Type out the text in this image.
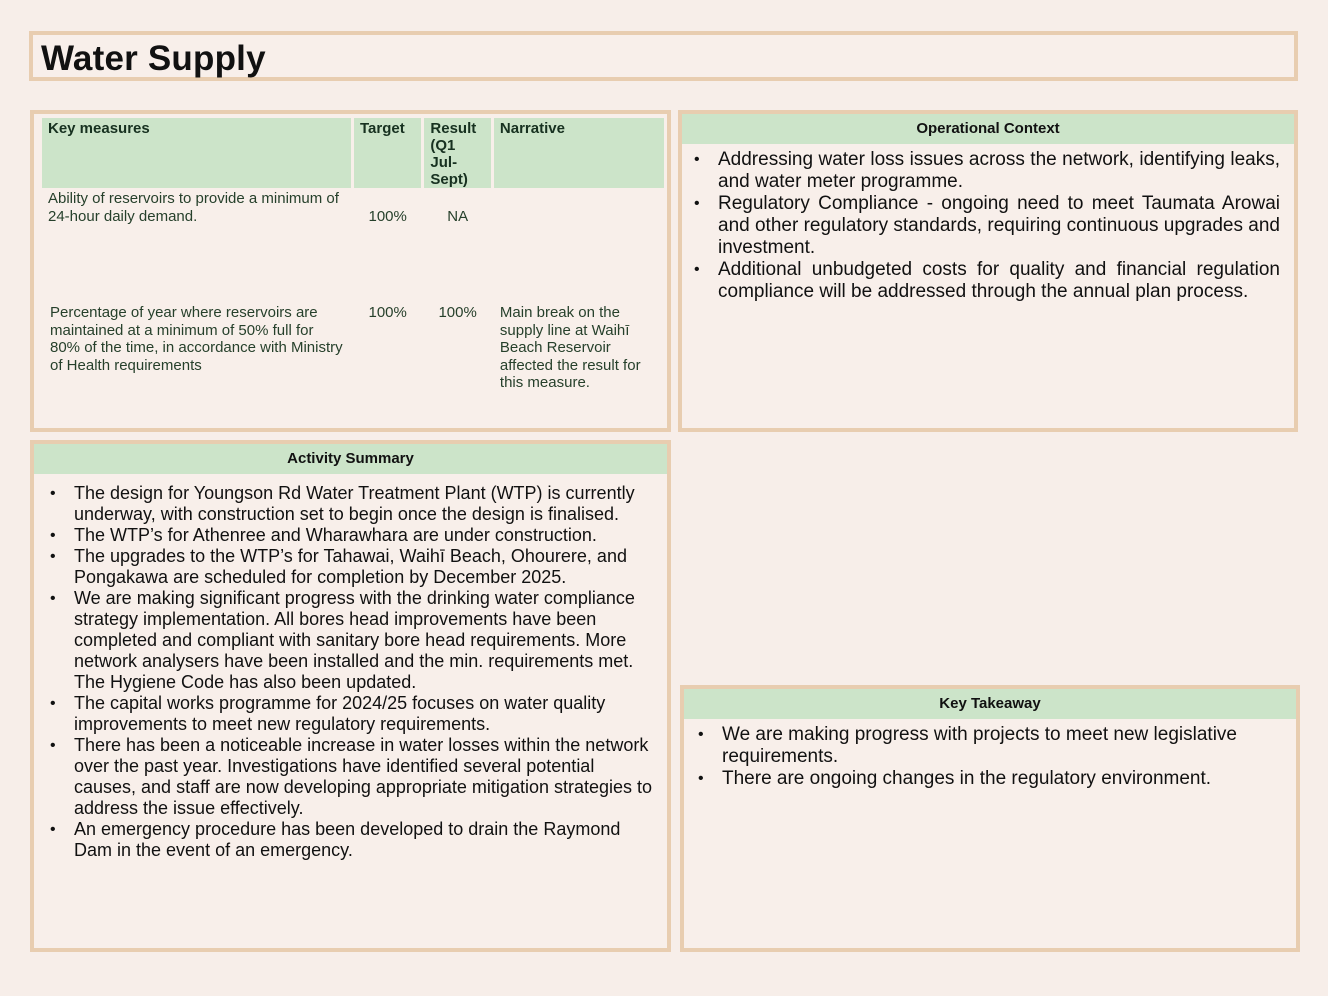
Water Supply
Key measures	Target	Result (Q1 Jul-Sept)	Narrative
Ability of reservoirs to provide a minimum of 24-hour daily demand.	100%	NA	
Percentage of year where reservoirs are maintained at a minimum of 50% full for 80% of the time, in accordance with Ministry of Health requirements	100%	100%	Main break on the supply line at Waihī Beach Reservoir affected the result for this measure.
Operational Context
• Addressing water loss issues across the network, identifying leaks, and water meter programme.
• Regulatory Compliance - ongoing need to meet Taumata Arowai and other regulatory standards, requiring continuous upgrades and investment.
• Additional unbudgeted costs for quality and financial regulation compliance will be addressed through the annual plan process.
Activity Summary
• The design for Youngson Rd Water Treatment Plant (WTP) is currently underway, with construction set to begin once the design is finalised.
• The WTP’s for Athenree and Wharawhara are under construction.
• The upgrades to the WTP’s for Tahawai, Waihī Beach, Ohourere, and Pongakawa are scheduled for completion by December 2025.
• We are making significant progress with the drinking water compliance strategy implementation. All bores head improvements have been completed and compliant with sanitary bore head requirements. More network analysers have been installed and the min. requirements met. The Hygiene Code has also been updated.
• The capital works programme for 2024/25 focuses on water quality improvements to meet new regulatory requirements.
• There has been a noticeable increase in water losses within the network over the past year. Investigations have identified several potential causes, and staff are now developing appropriate mitigation strategies to address the issue effectively.
• An emergency procedure has been developed to drain the Raymond Dam in the event of an emergency.
Key Takeaway
• We are making progress with projects to meet new legislative requirements.
• There are ongoing changes in the regulatory environment.
